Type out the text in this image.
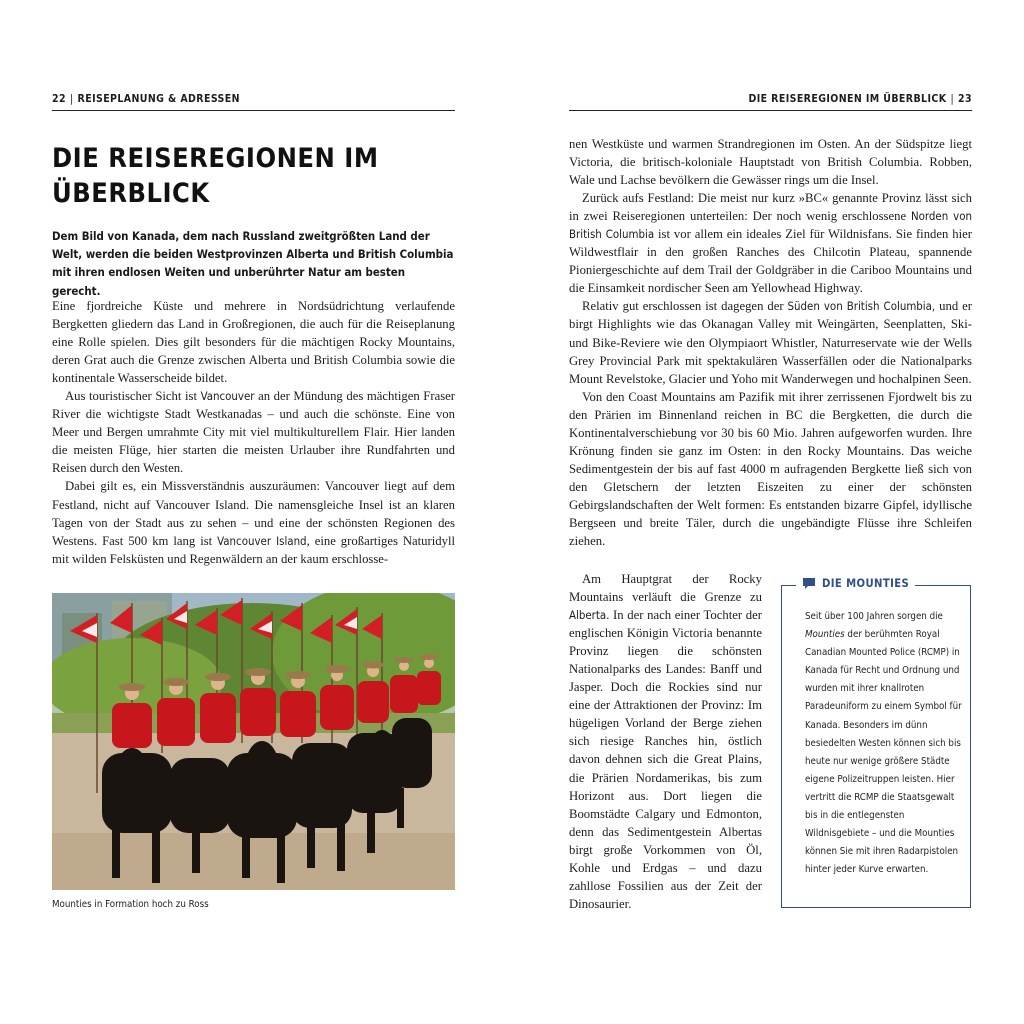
22 | REISEPLANUNG & ADRESSEN
DIE REISEREGIONEN IM
ÜBERBLICK

Dem Bild von Kanada, dem nach Russland zweitgrößten Land der Welt, werden die beiden Westprovinzen Alberta und British Columbia mit ihren endlosen Weiten und unberührter Natur am besten gerecht.

Eine fjordreiche Küste und mehrere in Nordsüdrichtung verlaufende Bergketten gliedern das Land in Großregionen, die auch für die Reiseplanung eine Rolle spielen. Dies gilt besonders für die mächtigen Rocky Mountains, deren Grat auch die Grenze zwischen Alberta und British Columbia sowie die kontinentale Wasserscheide bildet.

Aus touristischer Sicht ist Vancouver an der Mündung des mächtigen Fraser River die wichtigste Stadt Westkanadas – und auch die schönste. Eine von Meer und Bergen umrahmte City mit viel multikulturellem Flair. Hier landen die meisten Flüge, hier starten die meisten Urlauber ihre Rundfahrten und Reisen durch den Westen.

Dabei gilt es, ein Missverständnis auszuräumen: Vancouver liegt auf dem Festland, nicht auf Vancouver Island. Die namensgleiche Insel ist an klaren Tagen von der Stadt aus zu sehen – und eine der schönsten Regionen des Westens. Fast 500 km lang ist Vancouver Island, eine großartiges Naturidyll mit wilden Felsküsten und Regenwäldern an der kaum erschlosse-

Mounties in Formation hoch zu Ross
DIE REISEREGIONEN IM ÜBERBLICK | 23

nen Westküste und warmen Strandregionen im Osten. An der Südspitze liegt Victoria, die britisch-koloniale Hauptstadt von British Columbia. Robben, Wale und Lachse bevölkern die Gewässer rings um die Insel.

Zurück aufs Festland: Die meist nur kurz »BC« genannte Provinz lässt sich in zwei Reiseregionen unterteilen: Der noch wenig erschlossene Norden von British Columbia ist vor allem ein ideales Ziel für Wildnisfans. Sie finden hier Wildwestflair in den großen Ranches des Chilcotin Plateau, spannende Pioniergeschichte auf dem Trail der Goldgräber in die Cariboo Mountains und die Einsamkeit nordischer Seen am Yellowhead Highway.

Relativ gut erschlossen ist dagegen der Süden von British Columbia, und er birgt Highlights wie das Okanagan Valley mit Weingärten, Seenplatten, Ski- und Bike-Reviere wie den Olympiaort Whistler, Naturreservate wie der Wells Grey Provincial Park mit spektakulären Wasserfällen oder die Nationalparks Mount Revelstoke, Glacier und Yoho mit Wanderwegen und hochalpinen Seen.

Von den Coast Mountains am Pazifik mit ihrer zerrissenen Fjordwelt bis zu den Prärien im Binnenland reichen in BC die Bergketten, die durch die Kontinentalverschiebung vor 30 bis 60 Mio. Jahren aufgeworfen wurden. Ihre Krönung finden sie ganz im Osten: in den Rocky Mountains. Das weiche Sedimentgestein der bis auf fast 4000 m aufragenden Bergkette ließ sich von den Gletschern der letzten Eiszeiten zu einer der schönsten Gebirgslandschaften der Welt formen: Es entstanden bizarre Gipfel, idyllische Bergseen und breite Täler, durch die ungebändigte Flüsse ihre Schleifen ziehen.

Am Hauptgrat der Rocky Mountains verläuft die Grenze zu Alberta. In der nach einer Tochter der englischen Königin Victoria benannte Provinz liegen die schönsten Nationalparks des Landes: Banff und Jasper. Doch die Rockies sind nur eine der Attraktionen der Provinz: Im hügeligen Vorland der Berge ziehen sich riesige Ranches hin, östlich davon dehnen sich die Great Plains, die Prärien Nordamerikas, bis zum Horizont aus. Dort liegen die Boomstädte Calgary und Edmonton, denn das Sedimentgestein Albertas birgt große Vorkommen von Öl, Kohle und Erdgas – und dazu zahllose Fossilien aus der Zeit der Dinosaurier.

DIE MOUNTIES

Seit über 100 Jahren sorgen die Mounties der berühmten Royal Canadian Mounted Police (RCMP) in Kanada für Recht und Ordnung und wurden mit ihrer knallroten Paradeuniform zu einem Symbol für Kanada. Besonders im dünn besiedelten Westen können sich bis heute nur wenige größere Städte eigene Polizeitruppen leisten. Hier vertritt die RCMP die Staatsgewalt bis in die entlegensten Wildnisgebiete – und die Mounties können Sie mit ihren Radarpistolen hinter jeder Kurve erwarten.
